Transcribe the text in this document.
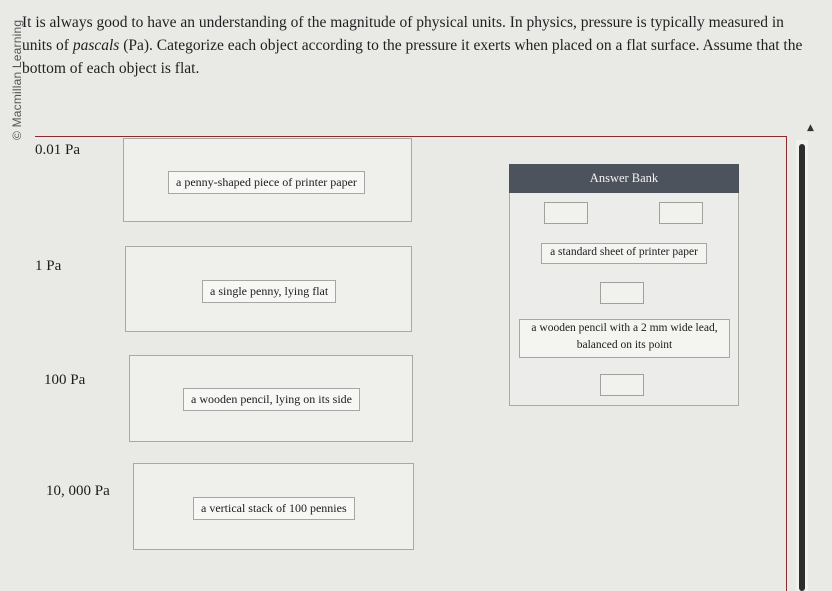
© Macmillan Learning
It is always good to have an understanding of the magnitude of physical units. In physics, pressure is typically measured in units of pascals (Pa). Categorize each object according to the pressure it exerts when placed on a flat surface. Assume that the bottom of each object is flat.
▲
0.01 Pa
a penny-shaped piece of printer paper
1 Pa
a single penny, lying flat
100 Pa
a wooden pencil, lying on its side
10, 000 Pa
a vertical stack of 100 pennies
Answer Bank
a standard sheet of printer paper
a wooden pencil with a 2 mm wide lead,
balanced on its point
